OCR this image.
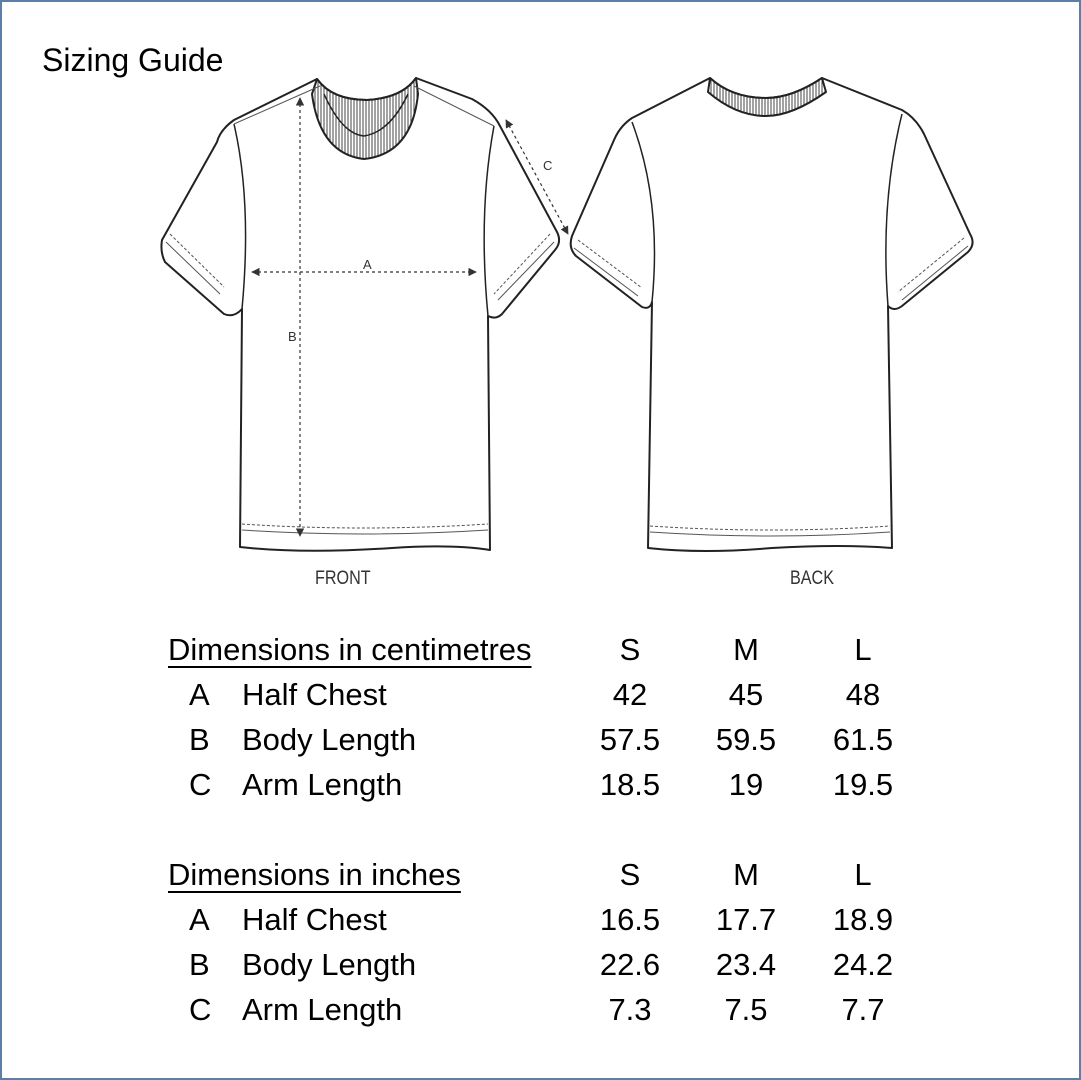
Sizing Guide
A
B
C
FRONT	BACK
Dimensions in centimetres	S	M	L
A Half Chest	42	45	48
B Body Length	57.5	59.5	61.5
C Arm Length	18.5	19	19.5
Dimensions in inches	S	M	L
A Half Chest	16.5	17.7	18.9
B Body Length	22.6	23.4	24.2
C Arm Length	7.3	7.5	7.7
